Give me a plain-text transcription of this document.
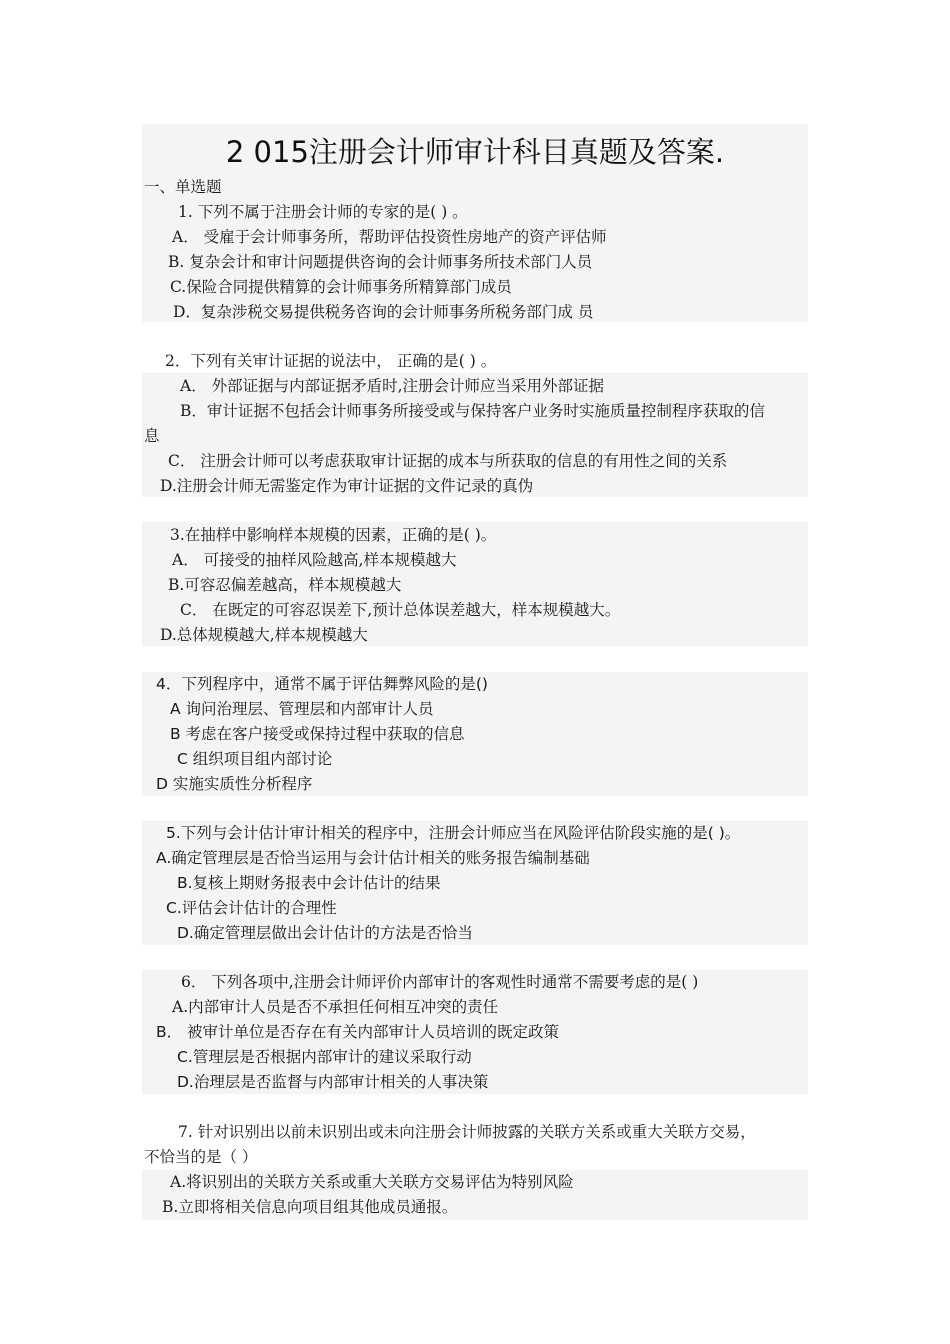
2 015注册会计师审计科目真题及答案.
一、单选题
1. 下列不属于注册会计师的专家的是( ) 。
A． 受雇于会计师事务所，帮助评估投资性房地产的资产评估师
B. 复杂会计和审计问题提供咨询的会计师事务所技术部门人员
C.保险合同提供精算的会计师事务所精算部门成员
D．复杂涉税交易提供税务咨询的会计师事务所税务部门成 员
2．下列有关审计证据的说法中， 正确的是( ) 。
A． 外部证据与内部证据矛盾时,注册会计师应当采用外部证据
B．审计证据不包括会计师事务所接受或与保持客户业务时实施质量控制程序获取的信
息
C． 注册会计师可以考虑获取审计证据的成本与所获取的信息的有用性之间的关系
D.注册会计师无需鉴定作为审计证据的文件记录的真伪
3.在抽样中影响样本规模的因素，正确的是( )。
A． 可接受的抽样风险越高,样本规模越大
B.可容忍偏差越高，样本规模越大
C． 在既定的可容忍误差下,预计总体误差越大，样本规模越大。
D.总体规模越大,样本规模越大
4．下列程序中，通常不属于评估舞弊风险的是()
A 询问治理层、管理层和内部审计人员
B 考虑在客户接受或保持过程中获取的信息
C 组织项目组内部讨论
D 实施实质性分析程序
5.下列与会计估计审计相关的程序中，注册会计师应当在风险评估阶段实施的是( )。
A.确定管理层是否恰当运用与会计估计相关的账务报告编制基础
B.复核上期财务报表中会计估计的结果
C.评估会计估计的合理性
D.确定管理层做出会计估计的方法是否恰当
6． 下列各项中,注册会计师评价内部审计的客观性时通常不需要考虑的是( )
A.内部审计人员是否不承担任何相互冲突的责任
B． 被审计单位是否存在有关内部审计人员培训的既定政策
C.管理层是否根据内部审计的建议采取行动
D.治理层是否监督与内部审计相关的人事决策
7. 针对识别出以前未识别出或未向注册会计师披露的关联方关系或重大关联方交易，
不恰当的是（ ）
A.将识别出的关联方关系或重大关联方交易评估为特别风险
B.立即将相关信息向项目组其他成员通报。
